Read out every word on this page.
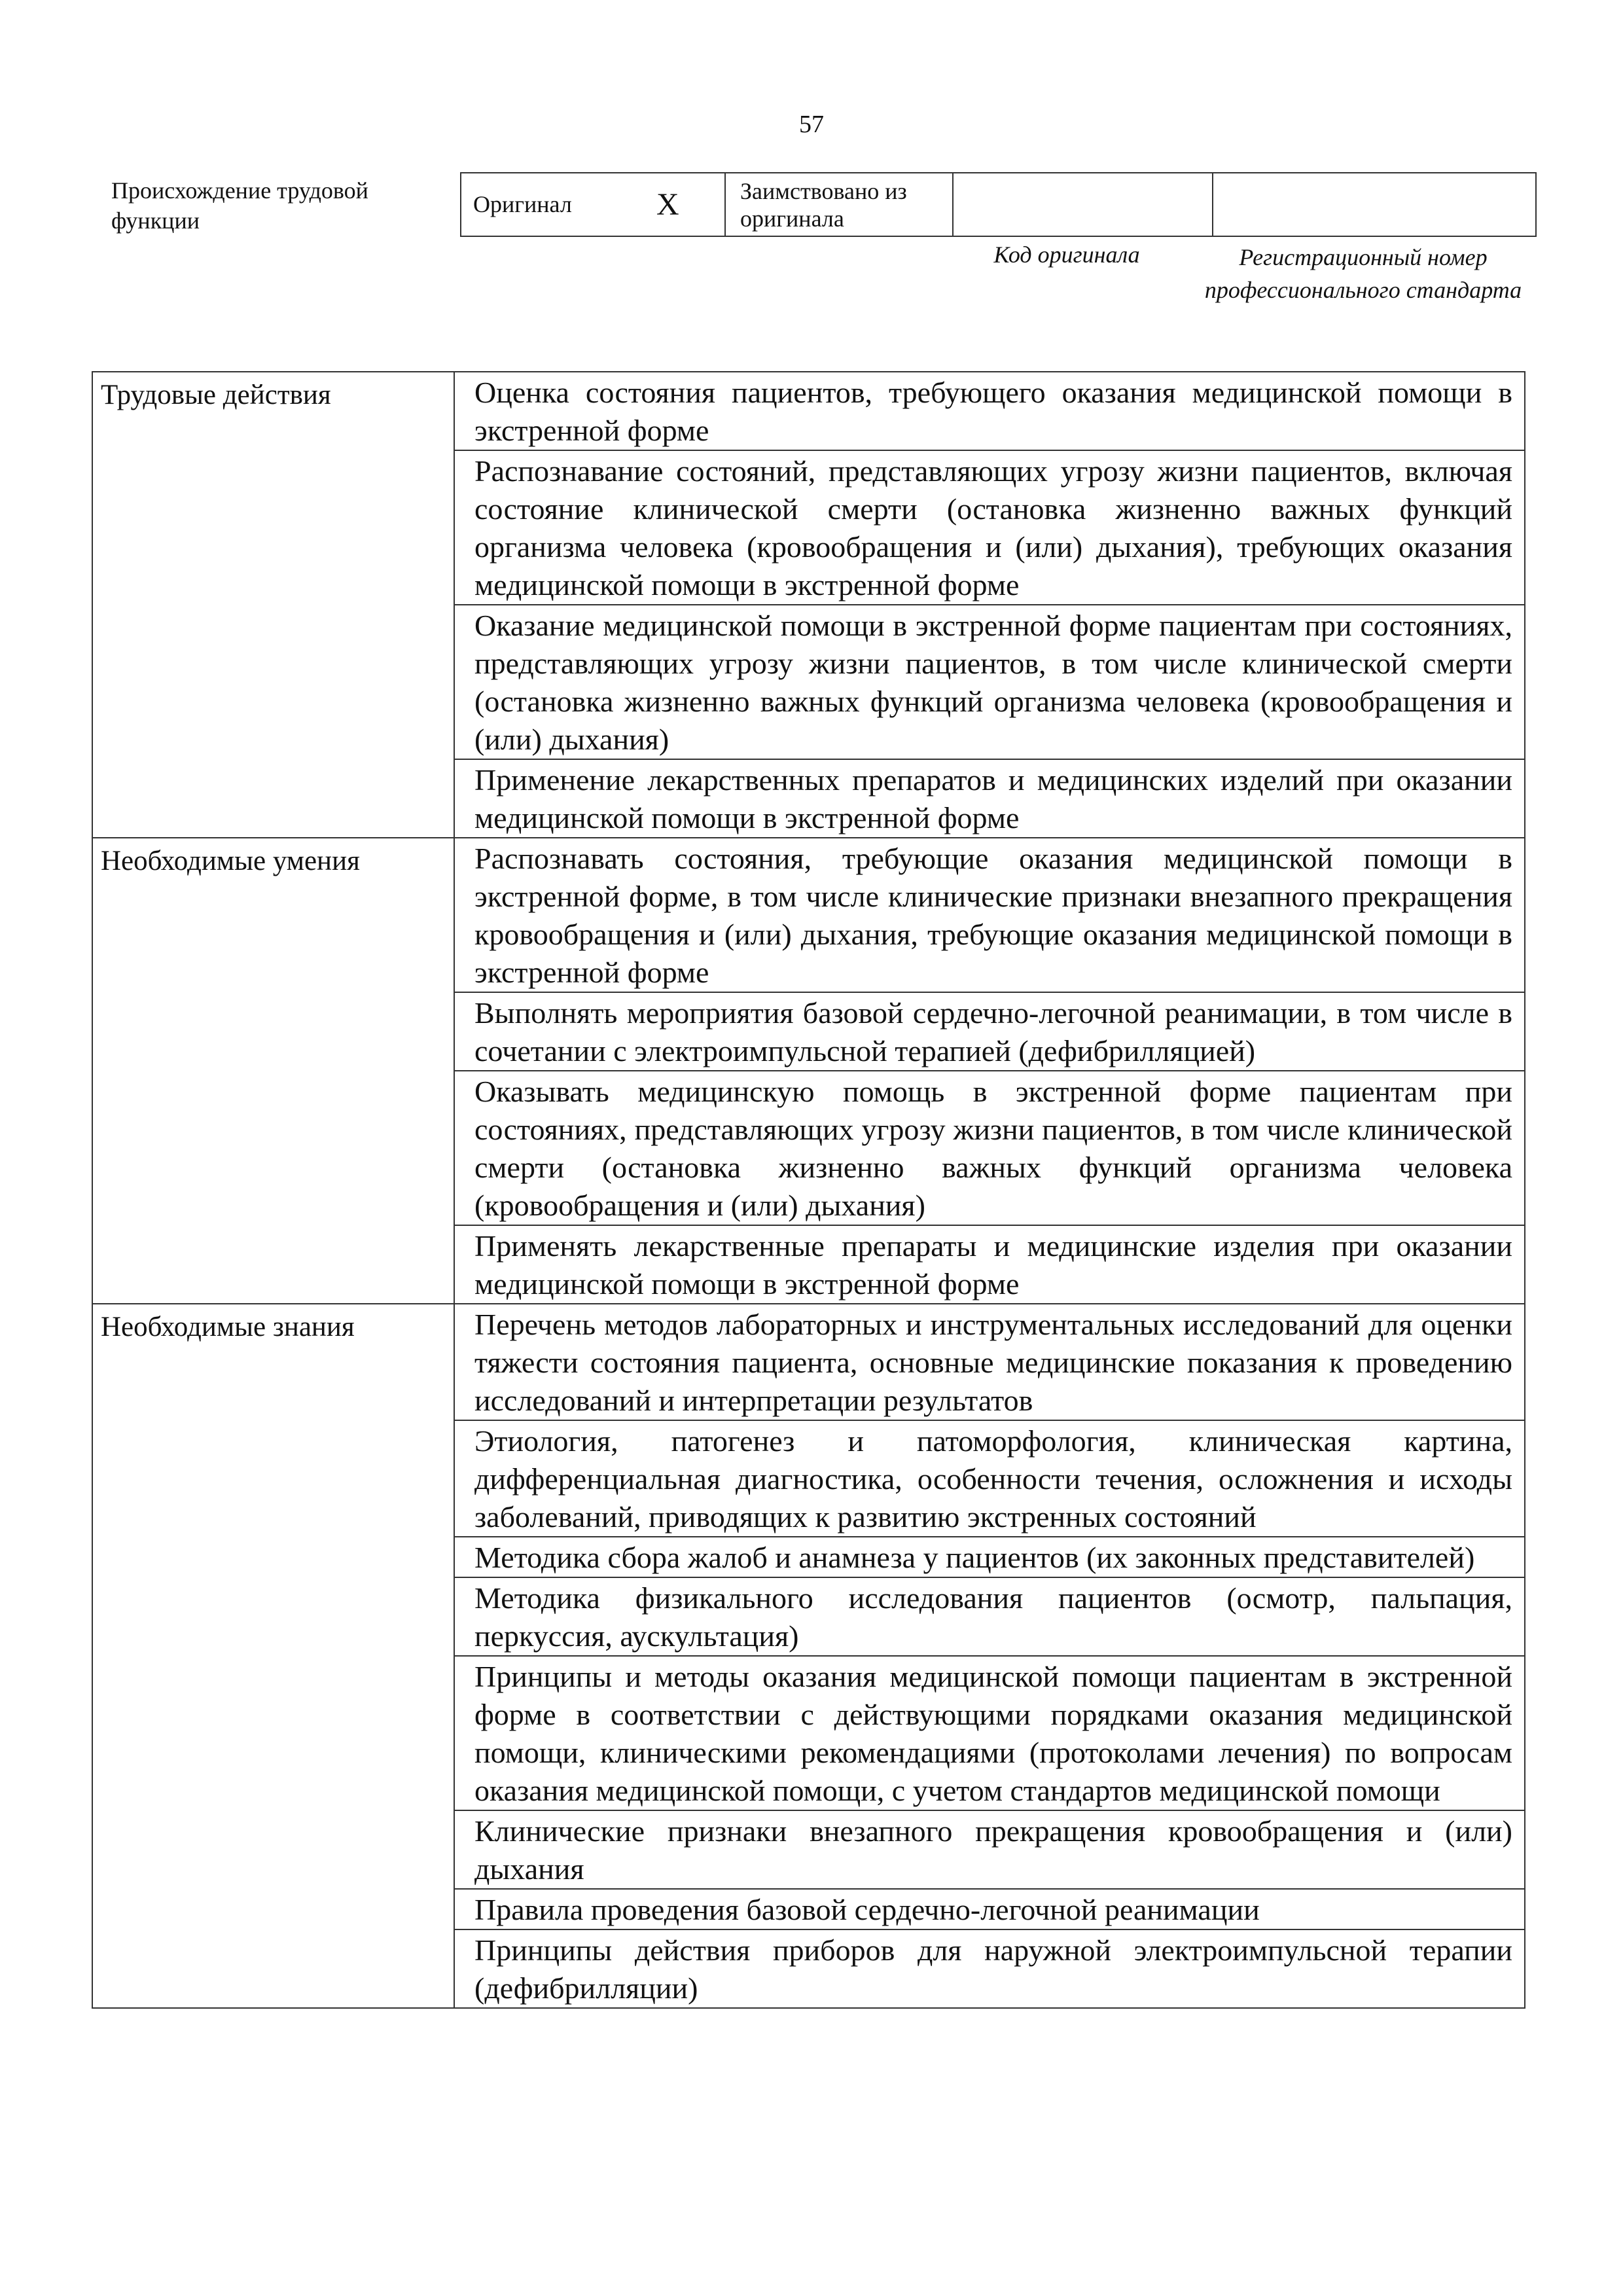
57
Происхождение трудовой функции
Оригинал	X	Заимствовано из оригинала		
Код оригинала	Регистрационный номер профессионального стандарта
Трудовые действия	Оценка состояния пациентов, требующего оказания медицинской помощи в экстренной форме
	Распознавание состояний, представляющих угрозу жизни пациентов, включая состояние клинической смерти (остановка жизненно важных функций организма человека (кровообращения и (или) дыхания), требующих оказания медицинской помощи в экстренной форме
	Оказание медицинской помощи в экстренной форме пациентам при состояниях, представляющих угрозу жизни пациентов, в том числе клинической смерти (остановка жизненно важных функций организма человека (кровообращения и (или) дыхания)
	Применение лекарственных препаратов и медицинских изделий при оказании медицинской помощи в экстренной форме
Необходимые умения	Распознавать состояния, требующие оказания медицинской помощи в экстренной форме, в том числе клинические признаки внезапного прекращения кровообращения и (или) дыхания, требующие оказания медицинской помощи в экстренной форме
	Выполнять мероприятия базовой сердечно-легочной реанимации, в том числе в сочетании с электроимпульсной терапией (дефибрилляцией)
	Оказывать медицинскую помощь в экстренной форме пациентам при состояниях, представляющих угрозу жизни пациентов, в том числе клинической смерти (остановка жизненно важных функций организма человека (кровообращения и (или) дыхания)
	Применять лекарственные препараты и медицинские изделия при оказании медицинской помощи в экстренной форме
Необходимые знания	Перечень методов лабораторных и инструментальных исследований для оценки тяжести состояния пациента, основные медицинские показания к проведению исследований и интерпретации результатов
	Этиология, патогенез и патоморфология, клиническая картина, дифференциальная диагностика, особенности течения, осложнения и исходы заболеваний, приводящих к развитию экстренных состояний
	Методика сбора жалоб и анамнеза у пациентов (их законных представителей)
	Методика физикального исследования пациентов (осмотр, пальпация, перкуссия, аускультация)
	Принципы и методы оказания медицинской помощи пациентам в экстренной форме в соответствии с действующими порядками оказания медицинской помощи, клиническими рекомендациями (протоколами лечения) по вопросам оказания медицинской помощи, с учетом стандартов медицинской помощи
	Клинические признаки внезапного прекращения кровообращения и (или) дыхания
	Правила проведения базовой сердечно-легочной реанимации
	Принципы действия приборов для наружной электроимпульсной терапии (дефибрилляции)
